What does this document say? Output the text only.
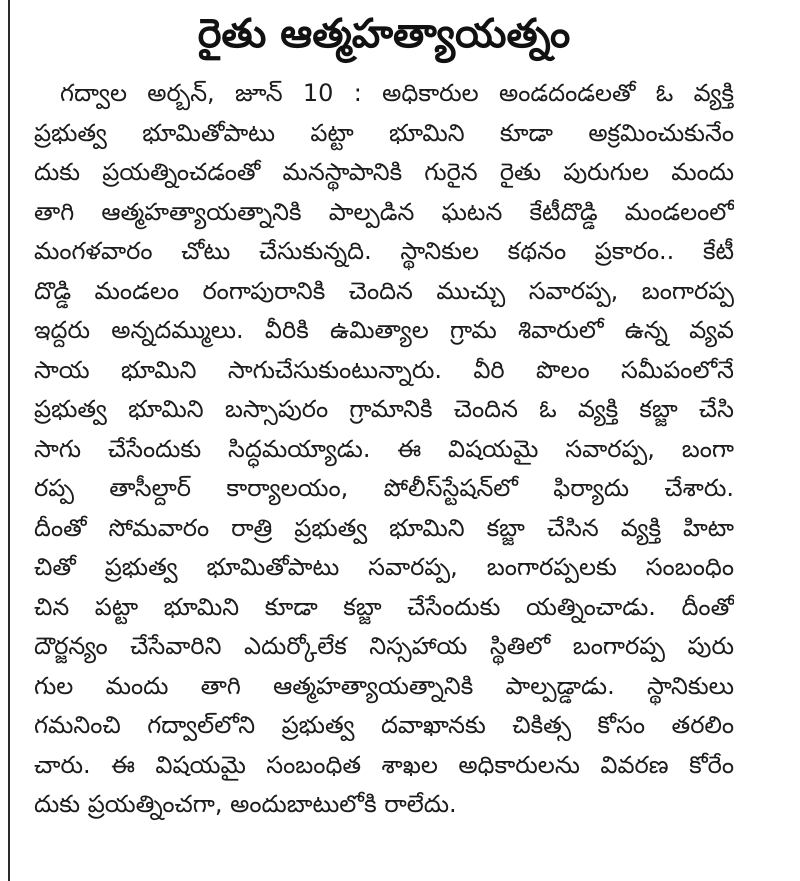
రైతు ఆత్మహత్యాయత్నం
గద్వాల అర్బన్, జూన్ 10 : అధికారుల అండదండలతో ఓ వ్యక్తి
ప్రభుత్వ భూమితోపాటు పట్టా భూమిని కూడా అక్రమించుకునేం
దుకు ప్రయత్నించడంతో మనస్థాపానికి గురైన రైతు పురుగుల మందు
తాగి ఆత్మహత్యాయత్నానికి పాల్పడిన ఘటన కేటీదొడ్డి మండలంలో
మంగళవారం చోటు చేసుకున్నది. స్థానికుల కథనం ప్రకారం.. కేటీ
దొడ్డి మండలం రంగాపురానికి చెందిన ముచ్చు సవారప్ప, బంగారప్ప
ఇద్దరు అన్నదమ్ములు. వీరికి ఉమిత్యాల గ్రామ శివారులో ఉన్న వ్యవ
సాయ భూమిని సాగుచేసుకుంటున్నారు. వీరి పొలం సమీపంలోనే
ప్రభుత్వ భూమిని బస్సాపురం గ్రామానికి చెందిన ఓ వ్యక్తి కబ్జా చేసి
సాగు చేసేందుకు సిద్ధమయ్యాడు. ఈ విషయమై సవారప్ప, బంగా
రప్ప తాసీల్దార్ కార్యాలయం, పోలీస్‌స్టేషన్‌లో ఫిర్యాదు చేశారు.
దీంతో సోమవారం రాత్రి ప్రభుత్వ భూమిని కబ్జా చేసిన వ్యక్తి హిటా
చితో ప్రభుత్వ భూమితోపాటు సవారప్ప, బంగారప్పలకు సంబంధిం
చిన పట్టా భూమిని కూడా కబ్జా చేసేందుకు యత్నించాడు. దీంతో
దౌర్జన్యం చేసేవారిని ఎదుర్కోలేక నిస్సహాయ స్థితిలో బంగారప్ప పురు
గుల మందు తాగి ఆత్మహత్యాయత్నానికి పాల్పడ్డాడు. స్థానికులు
గమనించి గద్వాల్‌లోని ప్రభుత్వ దవాఖానకు చికిత్స కోసం తరలిం
చారు. ఈ విషయమై సంబంధిత శాఖల అధికారులను వివరణ కోరేం
దుకు ప్రయత్నించగా, అందుబాటులోకి రాలేదు.
